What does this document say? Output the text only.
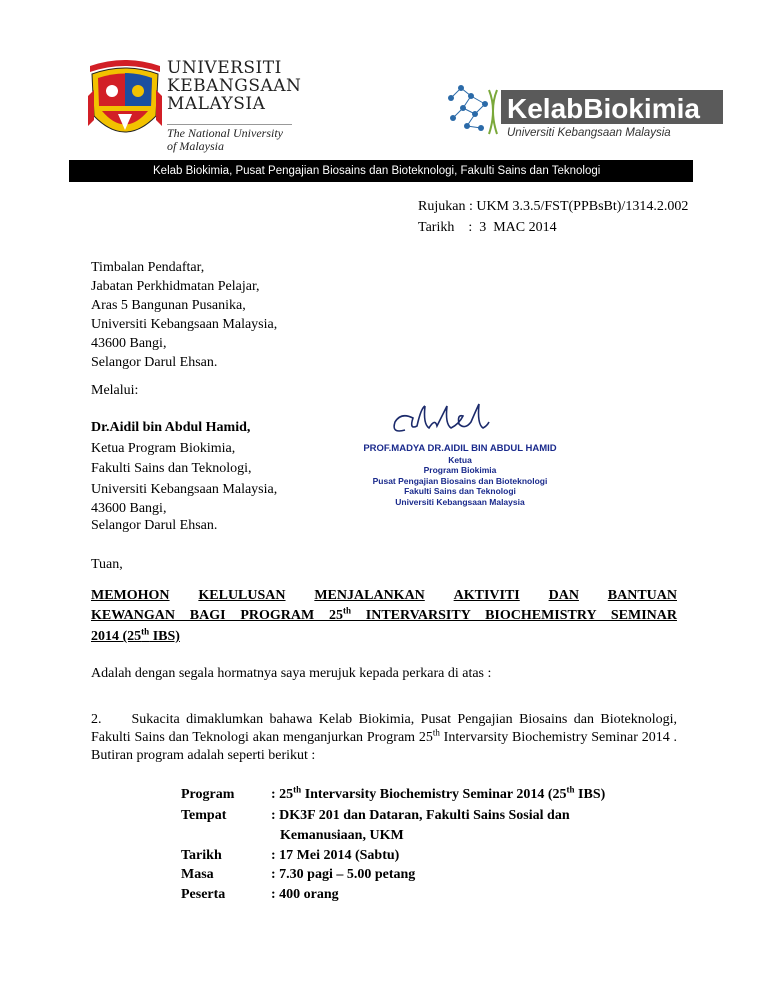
UNIVERSITI
KEBANGSAAN
MALAYSIA
The National University
of Malaysia
KelabBiokimia
Universiti Kebangsaan Malaysia
Kelab Biokimia, Pusat Pengajian Biosains dan Bioteknologi, Fakulti Sains dan Teknologi
Rujukan : UKM 3.3.5/FST(PPBsBt)/1314.2.002
Tarikh    :  3  MAC 2014
Timbalan Pendaftar,
Jabatan Perkhidmatan Pelajar,
Aras 5 Bangunan Pusanika,
Universiti Kebangsaan Malaysia,
43600 Bangi,
Selangor Darul Ehsan.
Melalui:
Dr.Aidil bin Abdul Hamid,
Ketua Program Biokimia,
Fakulti Sains dan Teknologi,
Universiti Kebangsaan Malaysia,
43600 Bangi,
Selangor Darul Ehsan.
PROF.MADYA DR.AIDIL BIN ABDUL HAMID
Ketua
Program Biokimia
Pusat Pengajian Biosains dan Bioteknologi
Fakulti Sains dan Teknologi
Universiti Kebangsaan Malaysia
Tuan,
MEMOHON KELULUSAN MENJALANKAN AKTIVITI DAN BANTUAN
KEWANGAN BAGI PROGRAM 25th INTERVARSITY BIOCHEMISTRY SEMINAR
2014 (25th IBS)
Adalah dengan segala hormatnya saya merujuk kepada perkara di atas :
2. Sukacita dimaklumkan bahawa Kelab Biokimia, Pusat Pengajian Biosains dan Bioteknologi, Fakulti Sains dan Teknologi akan menganjurkan Program 25th Intervarsity Biochemistry Seminar 2014 . Butiran program adalah seperti berikut :
Program	: 25th Intervarsity Biochemistry Seminar 2014 (25th IBS)
Tempat	: DK3F 201 dan Dataran, Fakulti Sains Sosial dan
Kemanusiaan, UKM
Tarikh	: 17 Mei 2014 (Sabtu)
Masa	: 7.30 pagi – 5.00 petang
Peserta	: 400 orang
